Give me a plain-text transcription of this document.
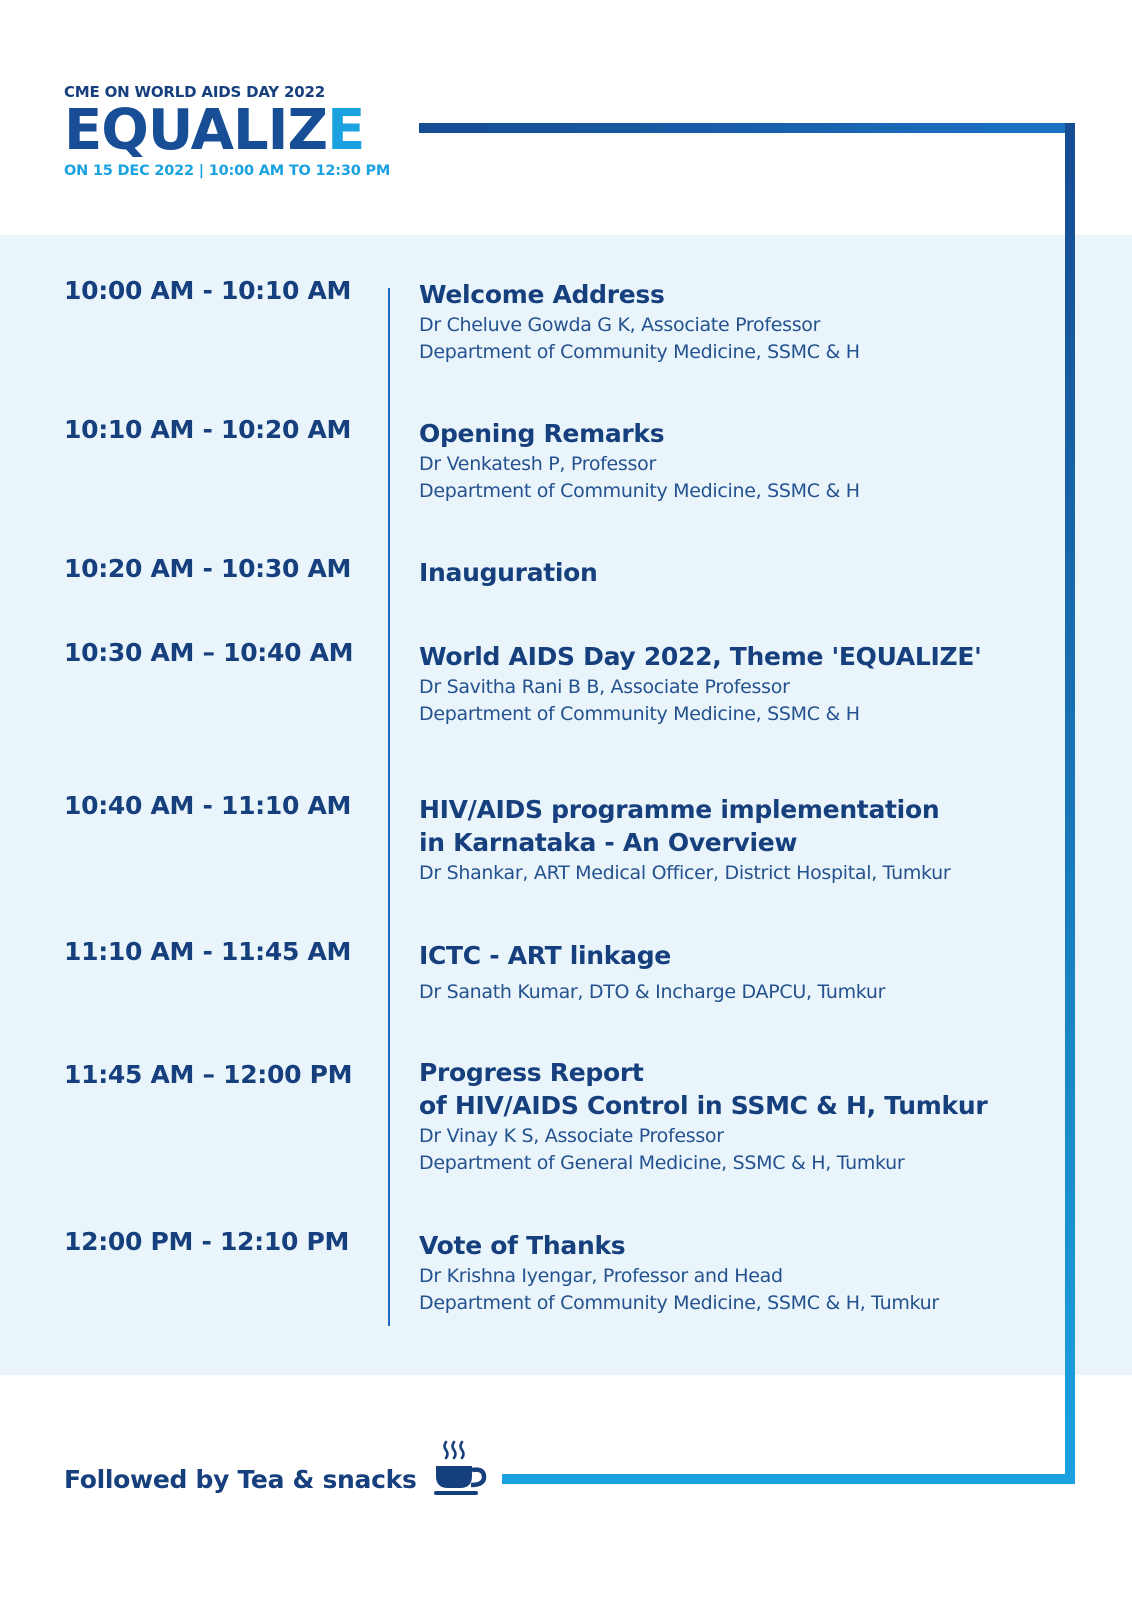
CME ON WORLD AIDS DAY 2022
EQUALIZE
ON 15 DEC 2022 | 10:00 AM TO 12:30 PM
10:00 AM - 10:10 AM	Welcome Address
Dr Cheluve Gowda G K, Associate Professor
Department of Community Medicine, SSMC & H
10:10 AM - 10:20 AM	Opening Remarks
Dr Venkatesh P, Professor
Department of Community Medicine, SSMC & H
10:20 AM - 10:30 AM	Inauguration
10:30 AM – 10:40 AM	World AIDS Day 2022, Theme 'EQUALIZE'
Dr Savitha Rani B B, Associate Professor
Department of Community Medicine, SSMC & H
10:40 AM - 11:10 AM	HIV/AIDS programme implementation
in Karnataka - An Overview
Dr Shankar, ART Medical Officer, District Hospital, Tumkur
11:10 AM - 11:45 AM	ICTC - ART linkage
Dr Sanath Kumar, DTO & Incharge DAPCU, Tumkur
11:45 AM – 12:00 PM	Progress Report
of HIV/AIDS Control in SSMC & H, Tumkur
Dr Vinay K S, Associate Professor
Department of General Medicine, SSMC & H, Tumkur
12:00 PM - 12:10 PM	Vote of Thanks
Dr Krishna Iyengar, Professor and Head
Department of Community Medicine, SSMC & H, Tumkur
Followed by Tea & snacks
